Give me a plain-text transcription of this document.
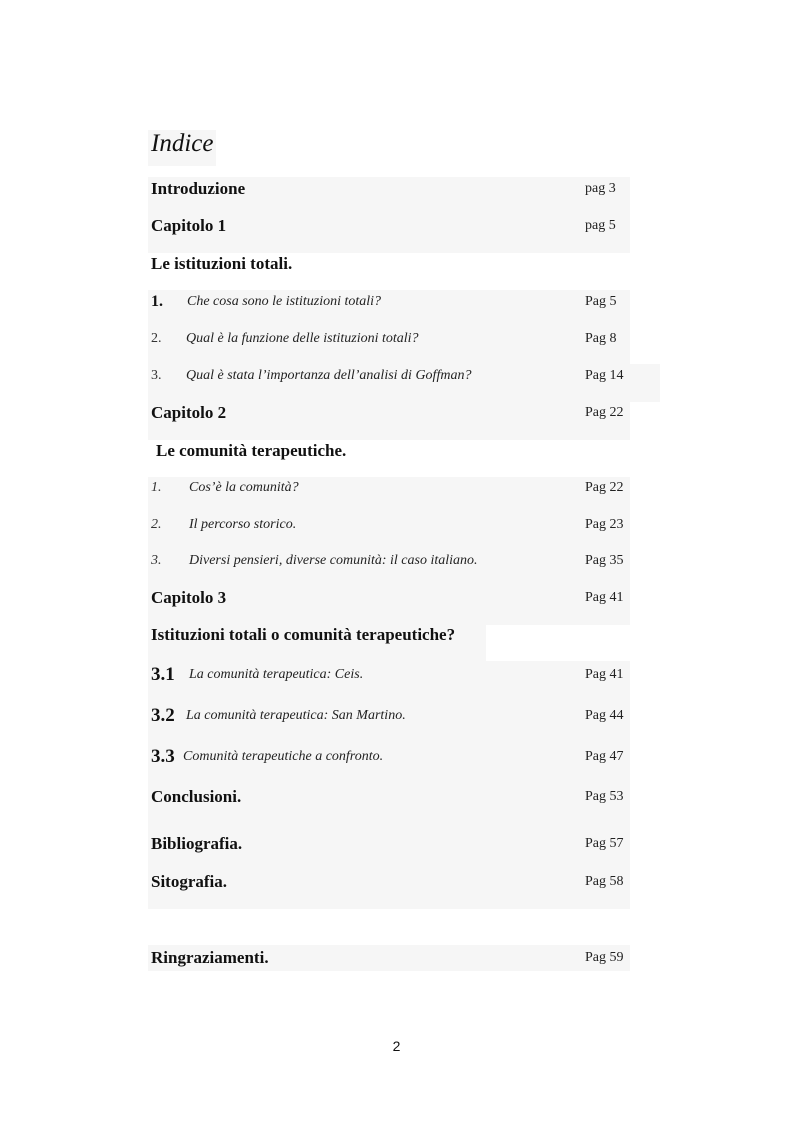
Indice
Introduzione	pag 3
Capitolo 1	pag 5
Le istituzioni totali.
1. Che cosa sono le istituzioni totali?	Pag 5
2. Qual è la funzione delle istituzioni totali?	Pag 8
3. Qual è stata l’importanza dell’analisi di Goffman?	Pag 14
Capitolo 2	Pag 22
Le comunità terapeutiche.
1. Cos’è la comunità?	Pag 22
2. Il percorso storico.	Pag 23
3. Diversi pensieri, diverse comunità: il caso italiano.	Pag 35
Capitolo 3	Pag 41
Istituzioni totali o comunità terapeutiche?
3.1 La comunità terapeutica: Ceis.	Pag 41
3.2 La comunità terapeutica: San Martino.	Pag 44
3.3 Comunità terapeutiche a confronto.	Pag 47
Conclusioni.	Pag 53
Bibliografia.	Pag 57
Sitografia.	Pag 58
Ringraziamenti.	Pag 59
2
